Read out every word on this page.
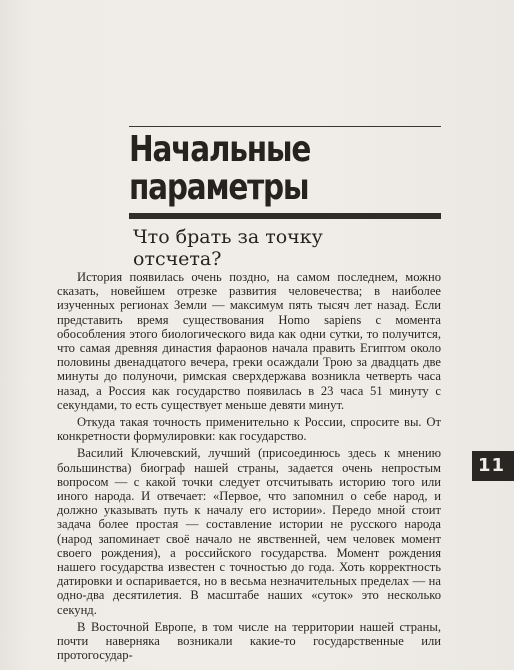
Начальные
параметры
Что брать за точку
отсчета?

История появилась очень поздно, на самом последнем, можно сказать, новейшем отрезке развития человечества; в наиболее изученных регионах Земли — максимум пять тысяч лет назад. Если представить время существования Homo sapiens с момента обособления этого биологического вида как одни сутки, то получится, что самая древняя династия фараонов начала править Египтом около половины двенадцатого вечера, греки осаждали Трою за двадцать две минуты до полуночи, римская сверхдержава возникла четверть часа назад, а Россия как государство появилась в 23 часа 51 минуту с секундами, то есть существует меньше девяти минут.

Откуда такая точность применительно к России, спросите вы. От конкретности формулировки: как государство.

Василий Ключевский, лучший (присоединюсь здесь к мнению большинства) биограф нашей страны, задается очень непростым вопросом — с какой точки следует отсчитывать историю того или иного народа. И отвечает: «Первое, что запомнил о себе народ, и должно указывать путь к началу его истории». Передо мной стоит задача более простая — составление истории не русского народа (народ запоминает своё начало не явственней, чем человек момент своего рождения), а российского государства. Момент рождения нашего государства известен с точностью до года. Хоть корректность датировки и оспаривается, но в весьма незначительных пределах — на одно-два десятилетия. В масштабе наших «суток» это несколько секунд.

В Восточной Европе, в том числе на территории нашей страны, почти наверняка возникали какие-то государственные или протогосудар-

11
